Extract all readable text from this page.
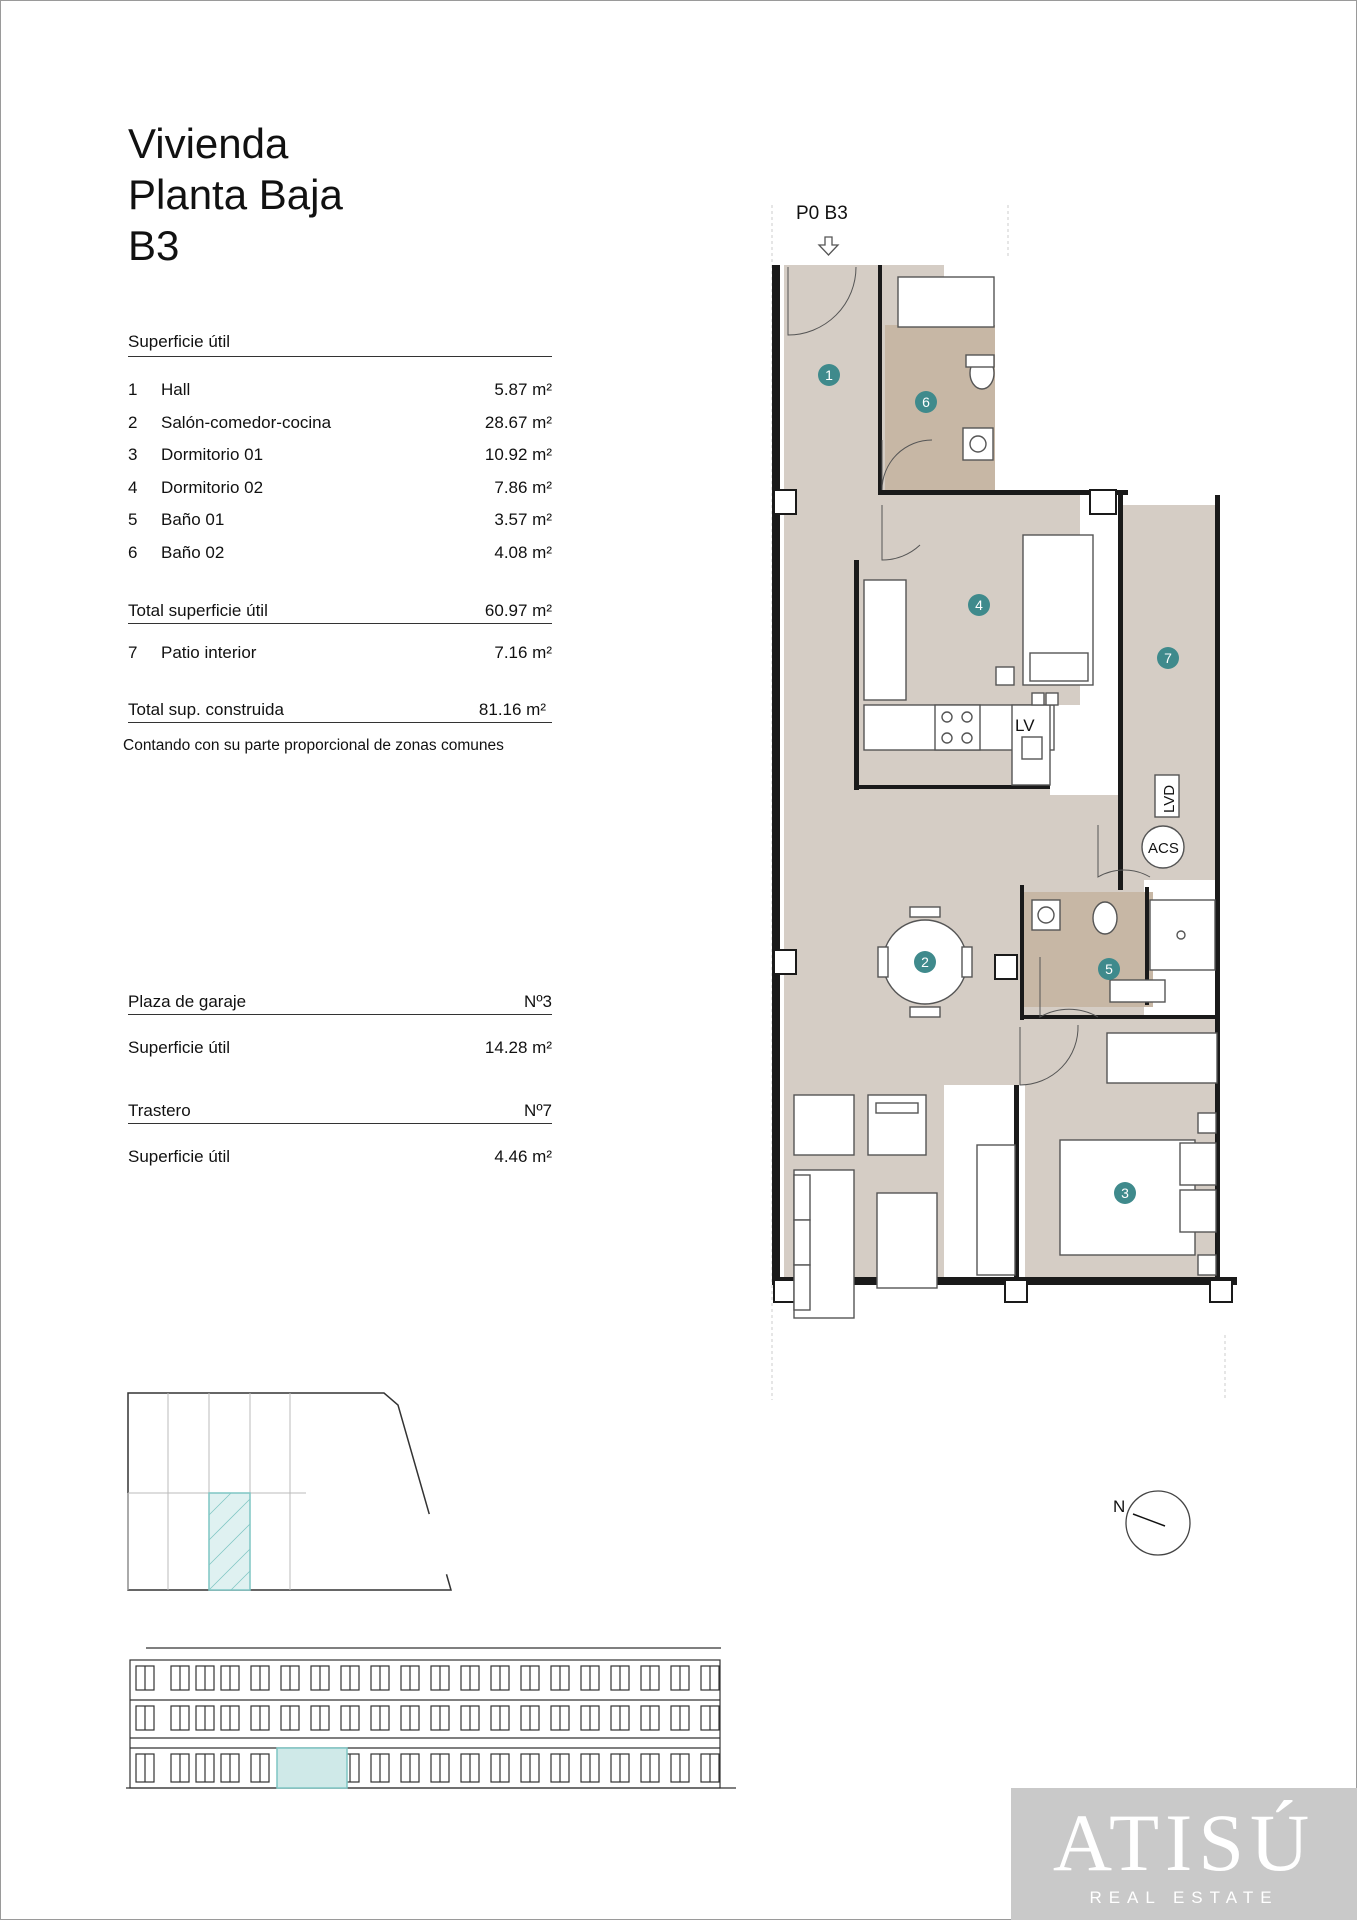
Vivienda
Planta Baja
B3
Superficie útil
1 Hall	5.87 m²
2 Salón-comedor-cocina	28.67 m²
3 Dormitorio 01	10.92 m²
4 Dormitorio 02	7.86 m²
5 Baño 01	3.57 m²
6 Baño 02	4.08 m²
Total superficie útil	60.97 m²
7 Patio interior	7.16 m²
Total sup. construida	81.16 m²
Contando con su parte proporcional de zonas comunes
Plaza de garaje	Nº3
Superficie útil	14.28 m²
Trastero	Nº7
Superficie útil	4.46 m²
P0 B3
LV
LVD
ACS
1
2
3
4
5
6
7
N
ATISÚ
REAL ESTATE
